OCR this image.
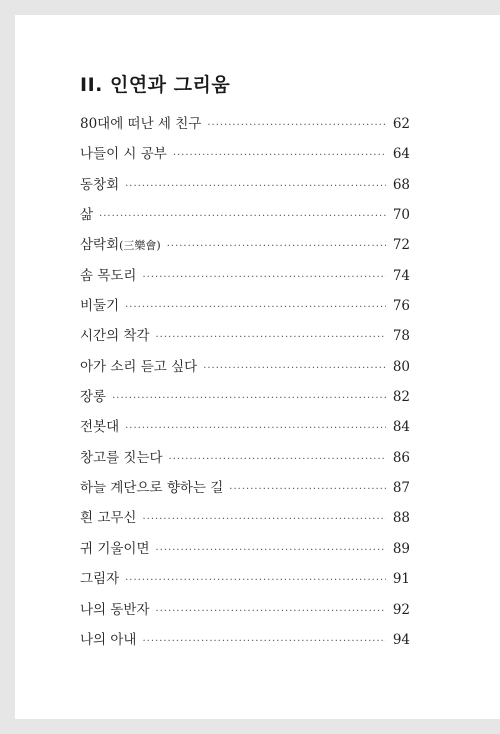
II. 인연과 그리움
80대에 떠난 세 친구 ·····	62
나들이 시 공부 ·····	64
동창회 ·····	68
삶 ·····	70
삼락회(三樂會) ·····	72
솜 목도리 ·····	74
비둘기 ·····	76
시간의 착각 ·····	78
아가 소리 듣고 싶다 ·····	80
장롱 ·····	82
전봇대 ·····	84
창고를 짓는다 ·····	86
하늘 계단으로 향하는 길 ·····	87
흰 고무신 ·····	88
귀 기울이면 ·····	89
그림자 ·····	91
나의 동반자 ·····	92
나의 아내 ·····	94
